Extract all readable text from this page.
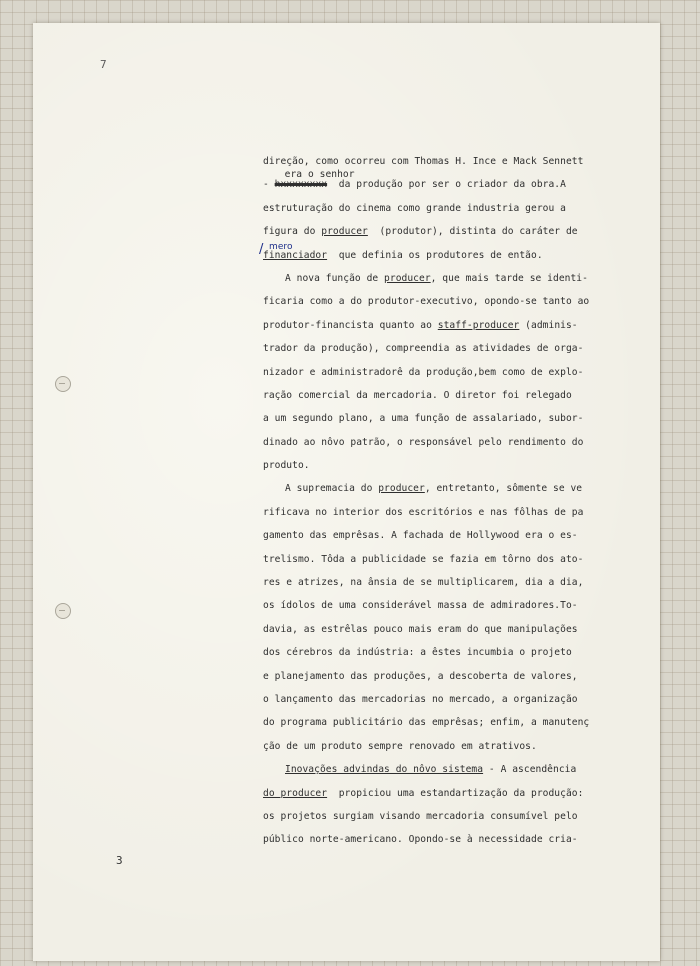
7
direção, como ocorreu com Thomas H. Ince e Mack Sennett
-
era o senhor
hxxxxxxxx  da produção por ser o criador da obra.A
estruturação do cinema como grande industria gerou a
figura do producer  (produtor), distinta do caráter de
mero
/ financiador  que definia os produtores de então.
A nova função de producer, que mais tarde se identi-
ficaria como a do produtor-executivo, opondo-se tanto ao
produtor-financista quanto ao staff-producer (adminis-
trador da produção), compreendia as atividades de orga-
nizador e administradorê da produção,bem como de explo-
ração comercial da mercadoria. O diretor foi relegado
a um segundo plano, a uma função de assalariado, subor-
dinado ao nôvo patrão, o responsável pelo rendimento do
produto.
A supremacia do producer, entretanto, sômente se ve
rificava no interior dos escritórios e nas fôlhas de pa
gamento das emprêsas. A fachada de Hollywood era o es-
trelismo. Tôda a publicidade se fazia em tôrno dos ato-
res e atrizes, na ânsia de se multiplicarem, dia a dia,
os ídolos de uma considerável massa de admiradores.To-
davia, as estrêlas pouco mais eram do que manipulações
dos cérebros da indústria: a êstes incumbia o projeto
e planejamento das produções, a descoberta de valores,
o lançamento das mercadorias no mercado, a organização
do programa publicitário das emprêsas; enfim, a manutenç
ção de um produto sempre renovado em atrativos.
Inovações advindas do nôvo sistema - A ascendência
do producer  propiciou uma estandartização da produção:
os projetos surgiam visando mercadoria consumível pelo
público norte-americano. Opondo-se à necessidade cria-
3
